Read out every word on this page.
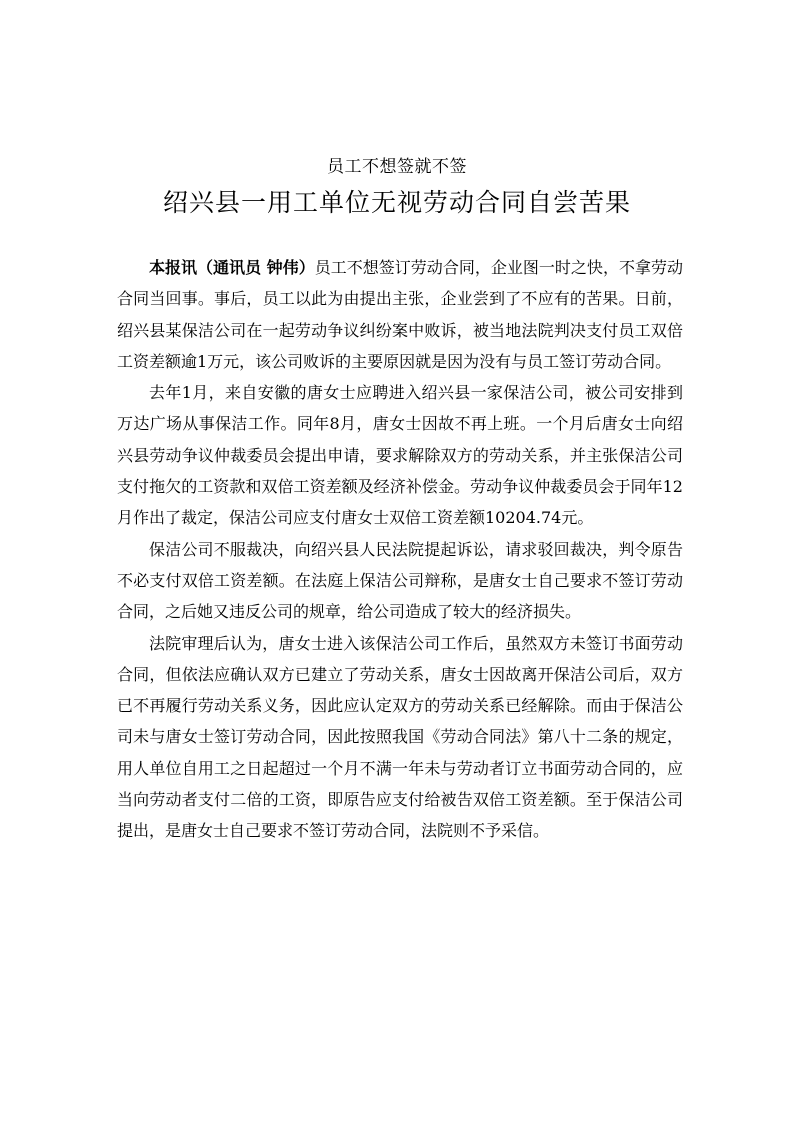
员工不想签就不签
绍兴县一用工单位无视劳动合同自尝苦果

本报讯（通讯员 钟伟）员工不想签订劳动合同，企业图一时之快，不拿劳动合同当回事。事后，员工以此为由提出主张，企业尝到了不应有的苦果。日前，绍兴县某保洁公司在一起劳动争议纠纷案中败诉，被当地法院判决支付员工双倍工资差额逾1万元，该公司败诉的主要原因就是因为没有与员工签订劳动合同。

去年1月，来自安徽的唐女士应聘进入绍兴县一家保洁公司，被公司安排到万达广场从事保洁工作。同年8月，唐女士因故不再上班。一个月后唐女士向绍兴县劳动争议仲裁委员会提出申请，要求解除双方的劳动关系，并主张保洁公司支付拖欠的工资款和双倍工资差额及经济补偿金。劳动争议仲裁委员会于同年12月作出了裁定，保洁公司应支付唐女士双倍工资差额10204.74元。

保洁公司不服裁决，向绍兴县人民法院提起诉讼，请求驳回裁决，判令原告不必支付双倍工资差额。在法庭上保洁公司辩称，是唐女士自己要求不签订劳动合同，之后她又违反公司的规章，给公司造成了较大的经济损失。

法院审理后认为，唐女士进入该保洁公司工作后，虽然双方未签订书面劳动合同，但依法应确认双方已建立了劳动关系，唐女士因故离开保洁公司后，双方已不再履行劳动关系义务，因此应认定双方的劳动关系已经解除。而由于保洁公司未与唐女士签订劳动合同，因此按照我国《劳动合同法》第八十二条的规定，用人单位自用工之日起超过一个月不满一年未与劳动者订立书面劳动合同的，应当向劳动者支付二倍的工资，即原告应支付给被告双倍工资差额。至于保洁公司提出，是唐女士自己要求不签订劳动合同，法院则不予采信。
